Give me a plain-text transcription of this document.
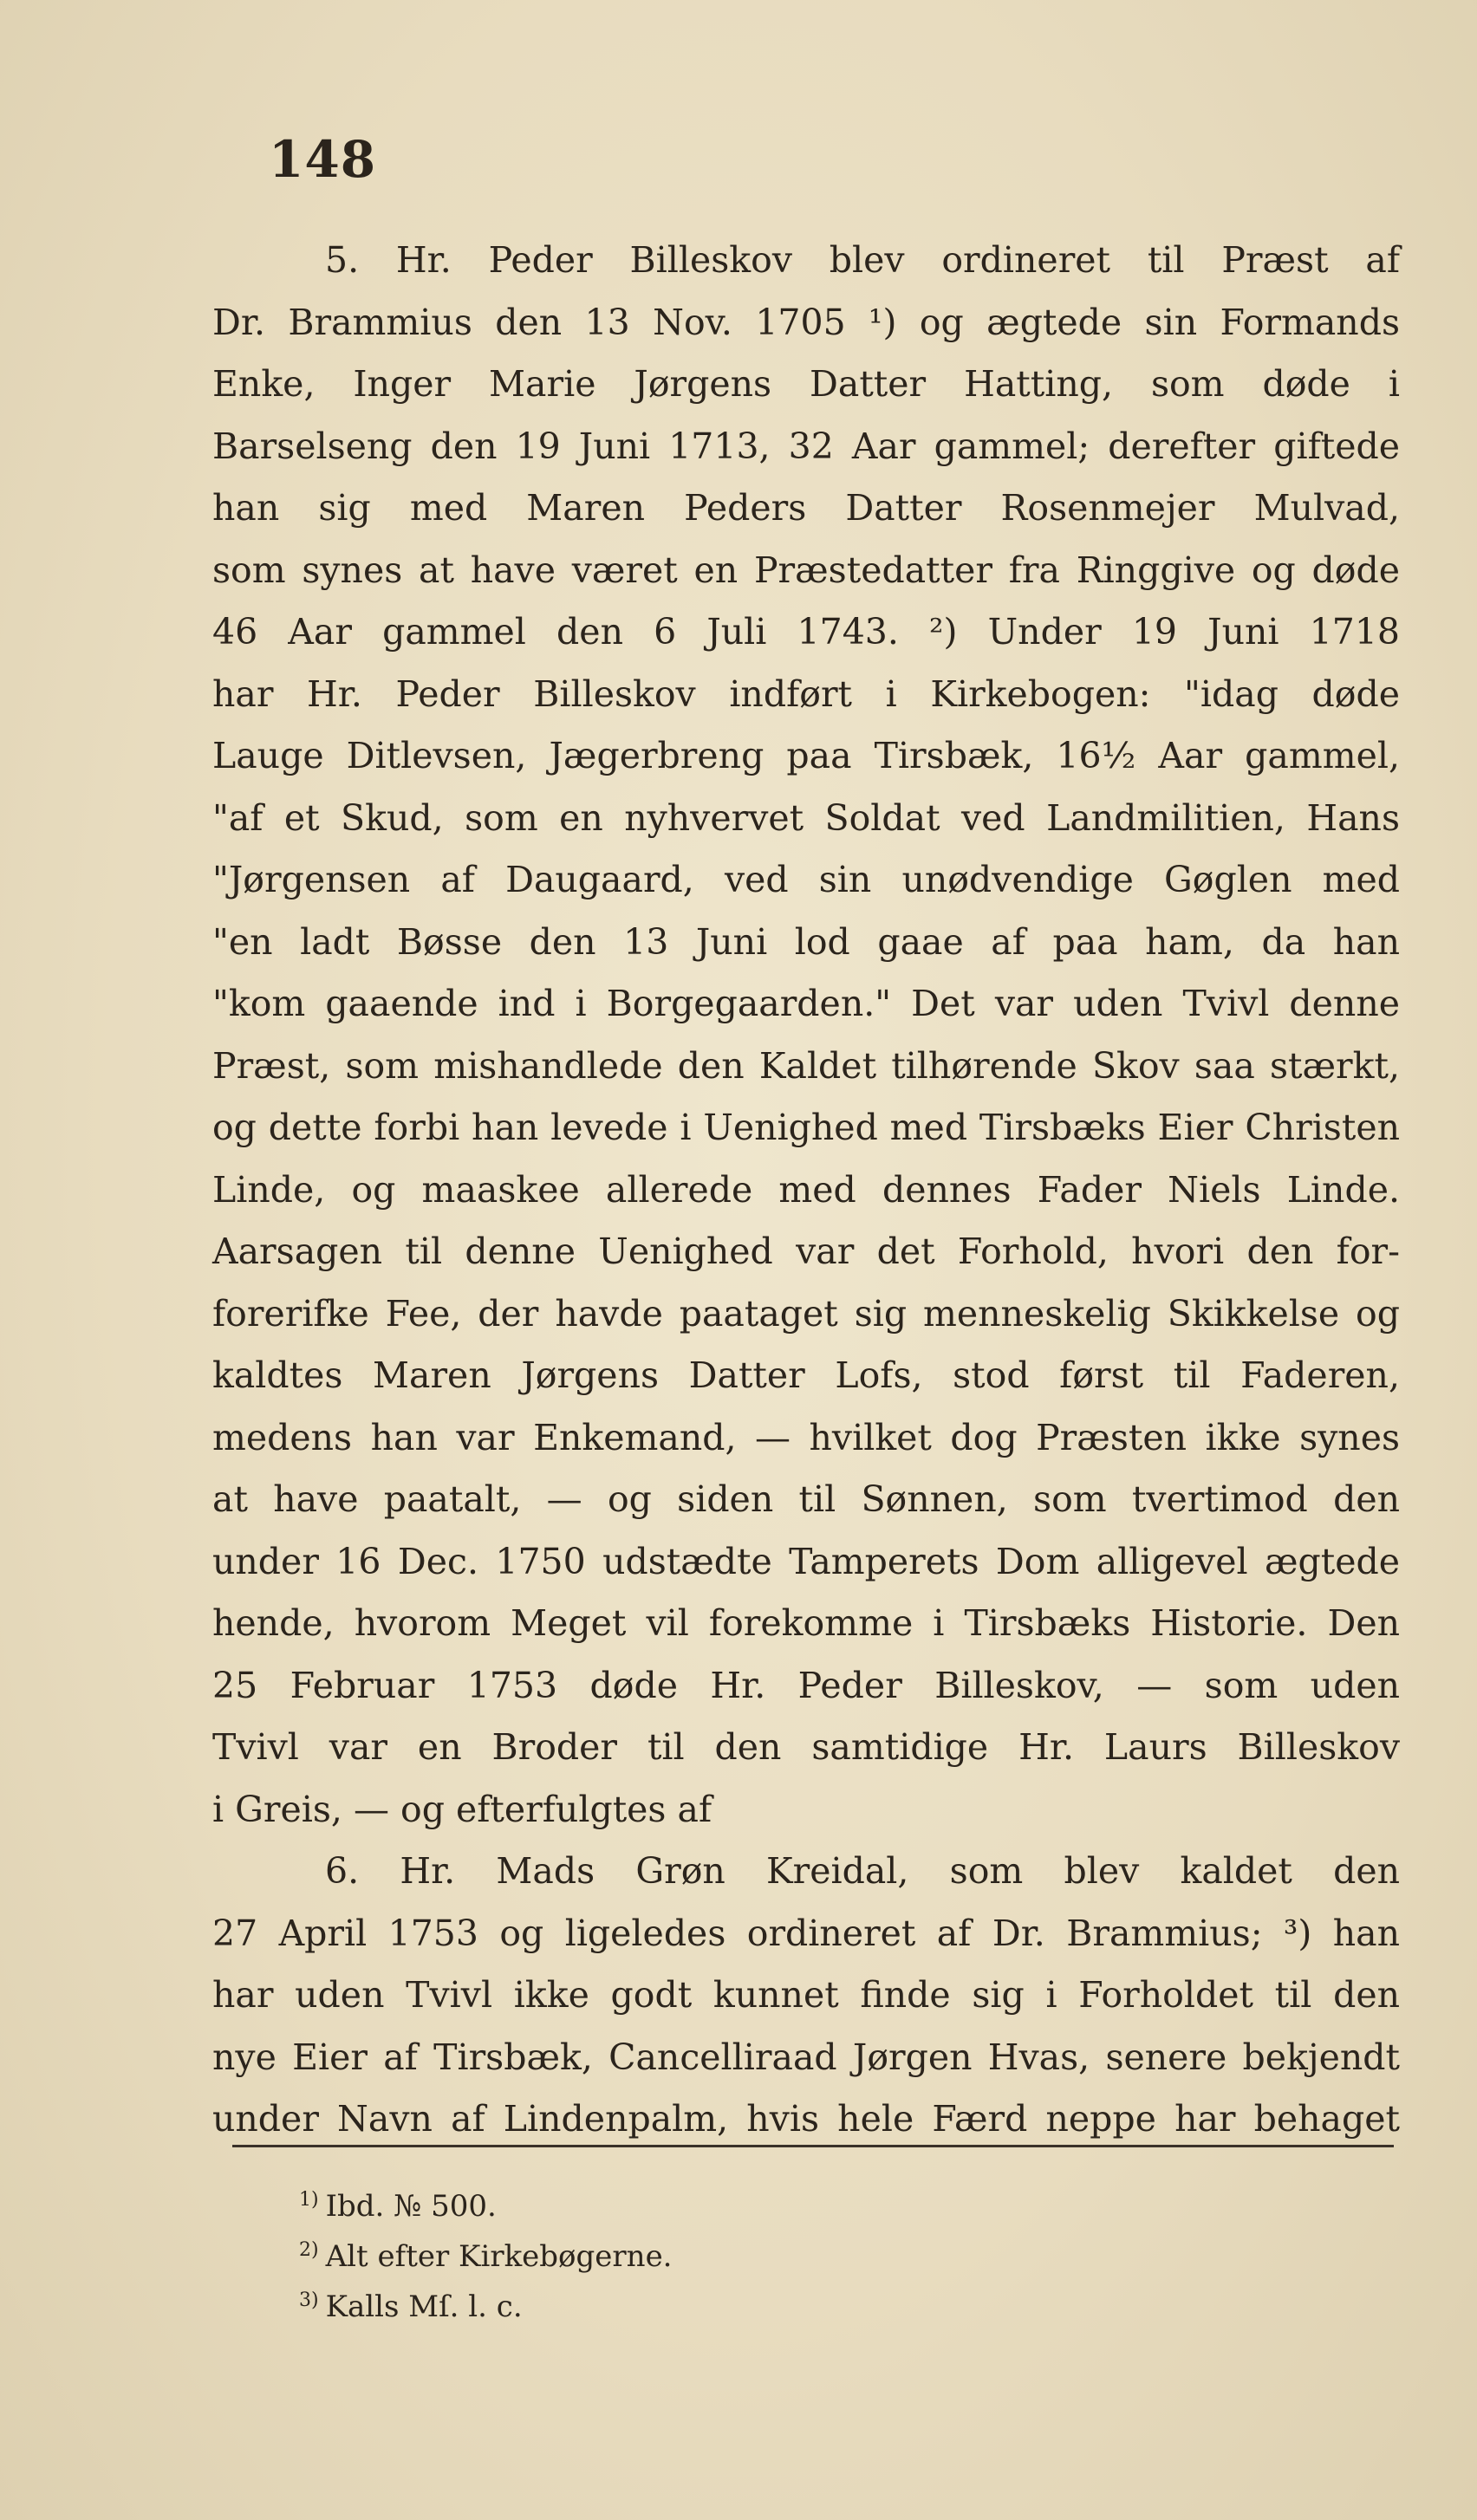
148
5. Hr. Peder Billeskov blev ordineret til Præst af
Dr. Brammius den 13 Nov. 1705 ¹) og ægtede sin Formands
Enke, Inger Marie Jørgens Datter Hatting, som døde i
Barselseng den 19 Juni 1713, 32 Aar gammel; derefter giftede
han sig med Maren Peders Datter Rosenmejer Mulvad,
som synes at have været en Præstedatter fra Ringgive og døde
46 Aar gammel den 6 Juli 1743. ²) Under 19 Juni 1718
har Hr. Peder Billeskov indført i Kirkebogen: "idag døde
Lauge Ditlevsen, Jægerbreng paa Tirsbæk, 16½ Aar gammel,
"af et Skud, som en nyhvervet Soldat ved Landmilitien, Hans
"Jørgensen af Daugaard, ved sin unødvendige Gøglen med
"en ladt Bøsse den 13 Juni lod gaae af paa ham, da han
"kom gaaende ind i Borgegaarden." Det var uden Tvivl denne
Præst, som mishandlede den Kaldet tilhørende Skov saa stærkt,
og dette forbi han levede i Uenighed med Tirsbæks Eier Christen
Linde, og maaskee allerede med dennes Fader Niels Linde.
Aarsagen til denne Uenighed var det Forhold, hvori den for-
forerifke Fee, der havde paataget sig menneskelig Skikkelse og
kaldtes Maren Jørgens Datter Lofs, stod først til Faderen,
medens han var Enkemand, — hvilket dog Præsten ikke synes
at have paatalt, — og siden til Sønnen, som tvertimod den
under 16 Dec. 1750 udstædte Tamperets Dom alligevel ægtede
hende, hvorom Meget vil forekomme i Tirsbæks Historie. Den
25 Februar 1753 døde Hr. Peder Billeskov, — som uden
Tvivl var en Broder til den samtidige Hr. Laurs Billeskov
i Greis, — og efterfulgtes af
6. Hr. Mads Grøn Kreidal, som blev kaldet den
27 April 1753 og ligeledes ordineret af Dr. Brammius; ³) han
har uden Tvivl ikke godt kunnet finde sig i Forholdet til den
nye Eier af Tirsbæk, Cancelliraad Jørgen Hvas, senere bekjendt
under Navn af Lindenpalm, hvis hele Færd neppe har behaget
$^{1)}$ Ibd. № 500.
$^{2)}$ Alt efter Kirkebøgerne.
$^{3)}$ Kalls Mſ. l. c.
